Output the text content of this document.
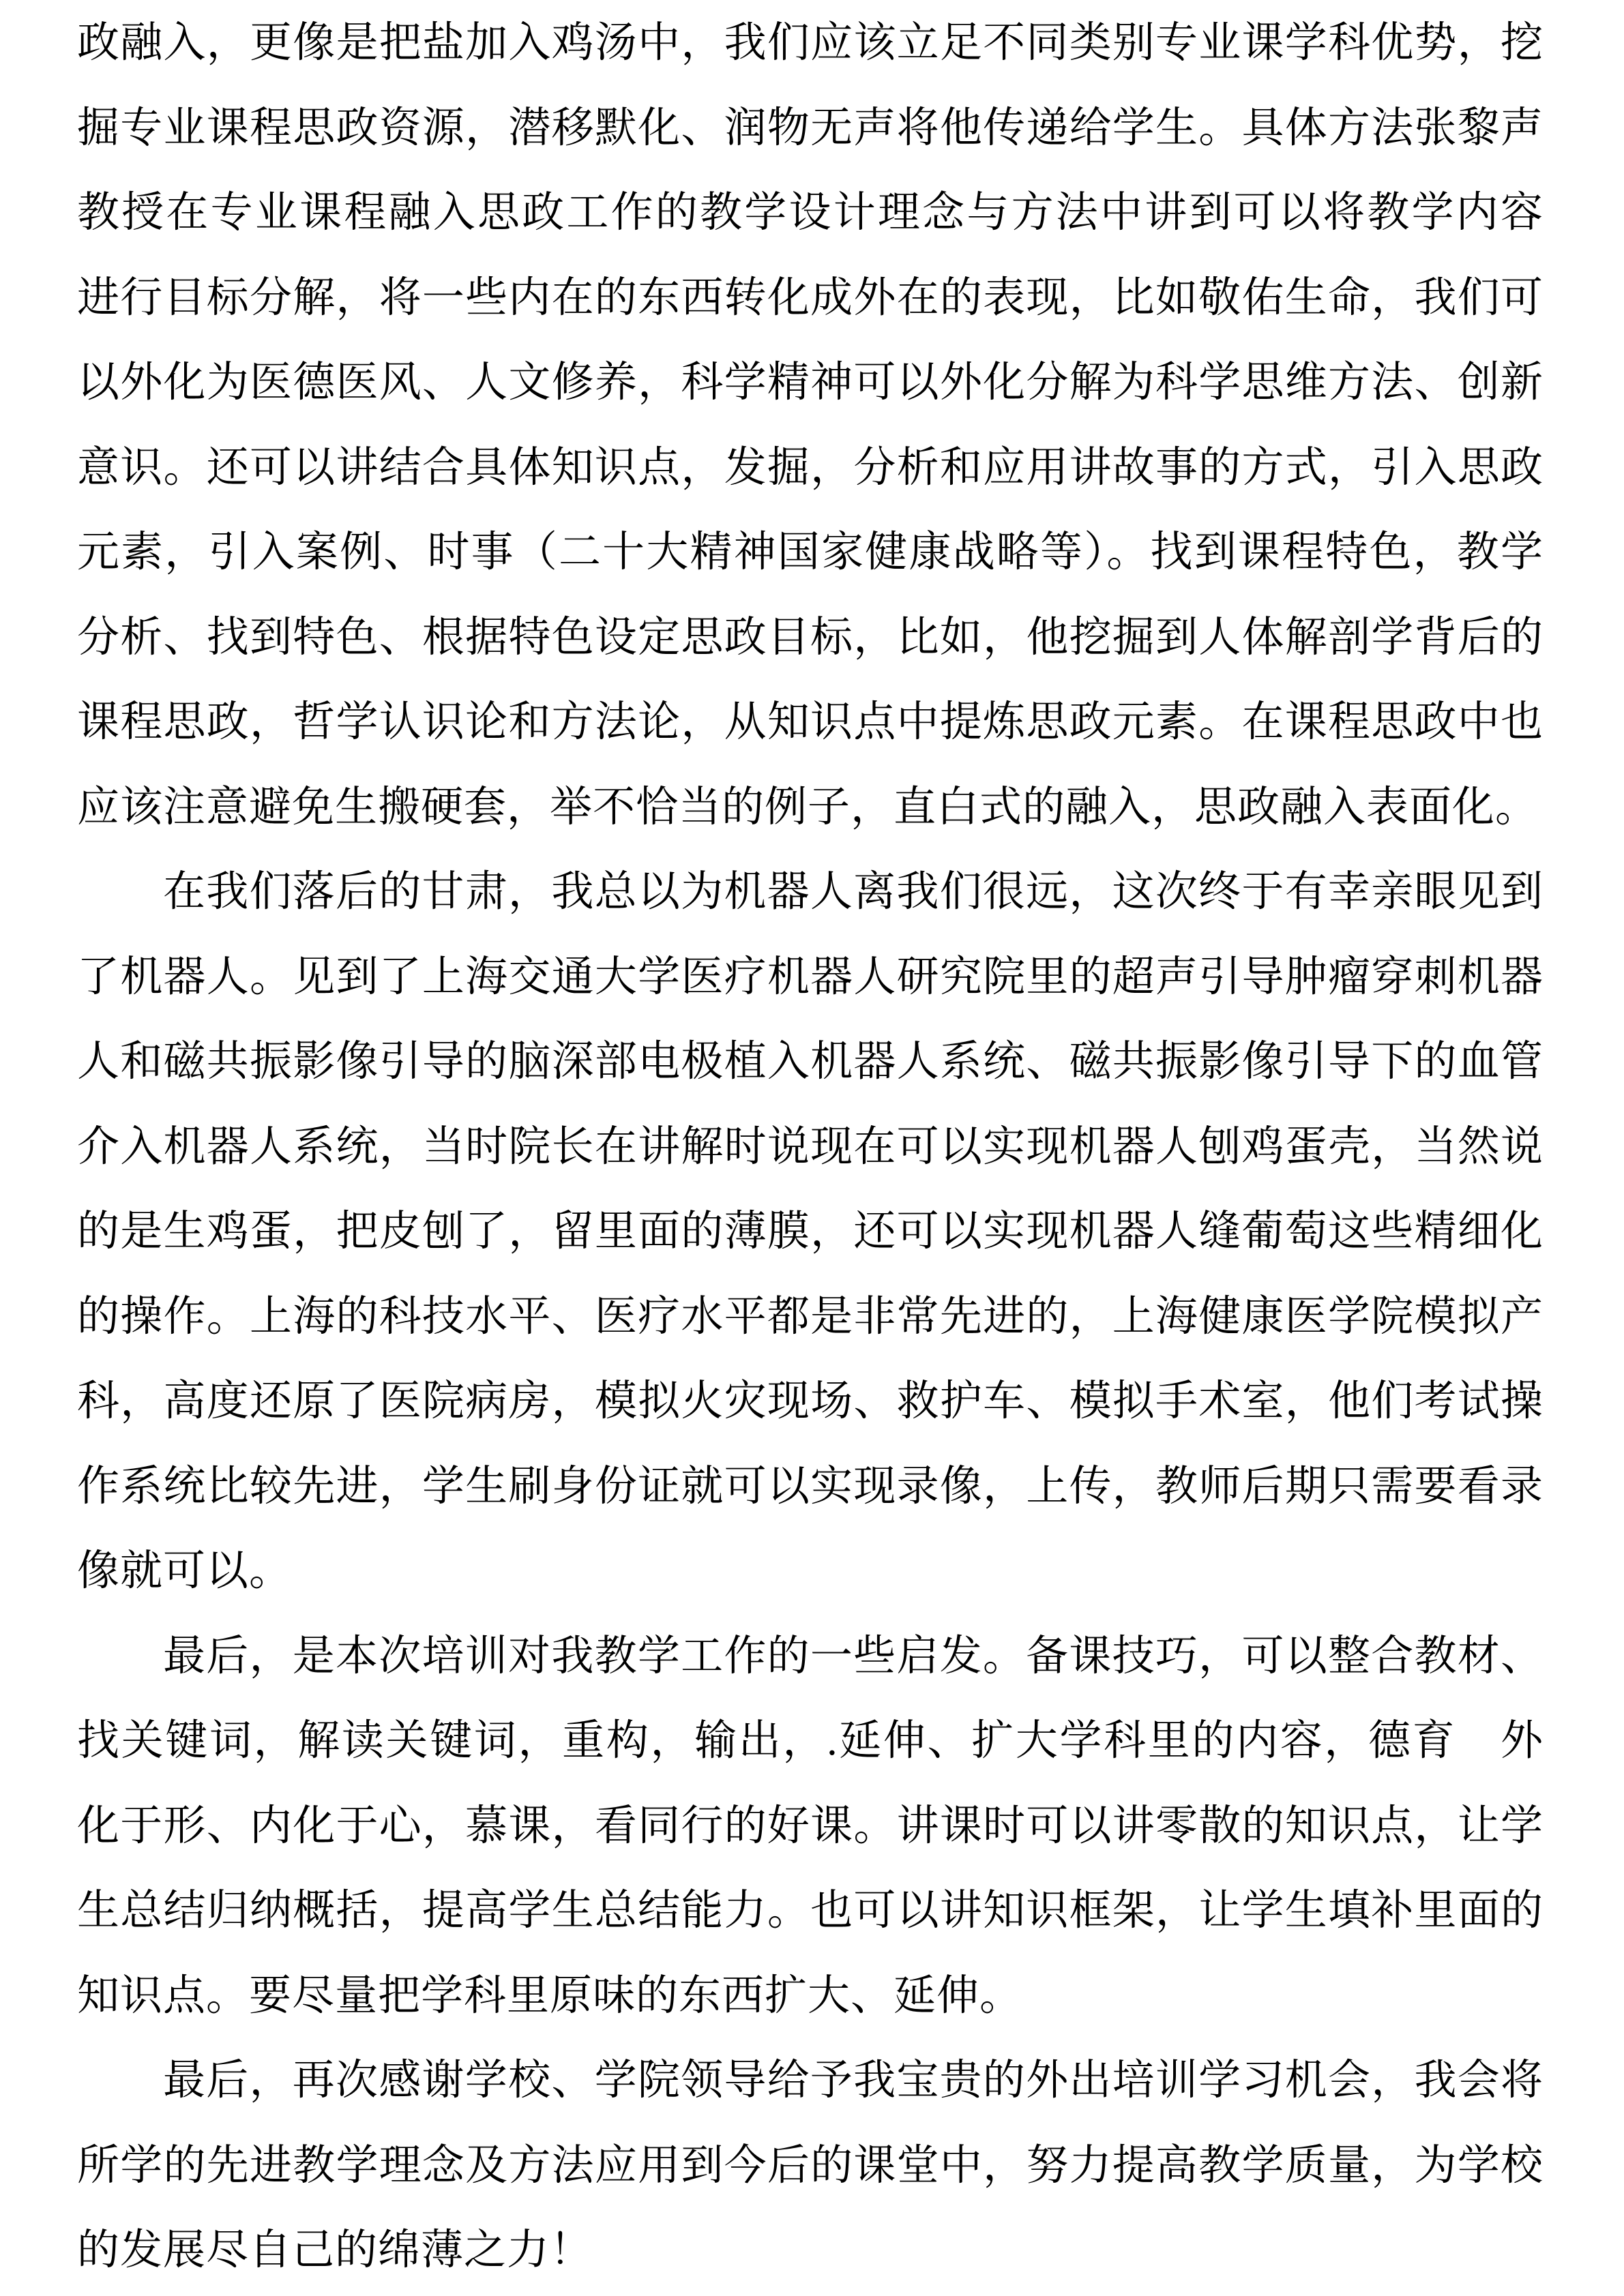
政融入，更像是把盐加入鸡汤中，我们应该立足不同类别专业课学科优势，挖
掘专业课程思政资源，潜移默化、润物无声将他传递给学生。具体方法张黎声
教授在专业课程融入思政工作的教学设计理念与方法中讲到可以将教学内容
进行目标分解，将一些内在的东西转化成外在的表现，比如敬佑生命，我们可
以外化为医德医风、人文修养，科学精神可以外化分解为科学思维方法、创新
意识。还可以讲结合具体知识点，发掘，分析和应用讲故事的方式，引入思政
元素，引入案例、时事（二十大精神国家健康战略等）。找到课程特色，教学
分析、找到特色、根据特色设定思政目标，比如，他挖掘到人体解剖学背后的
课程思政，哲学认识论和方法论，从知识点中提炼思政元素。在课程思政中也
应该注意避免生搬硬套，举不恰当的例子，直白式的融入，思政融入表面化。
在我们落后的甘肃，我总以为机器人离我们很远，这次终于有幸亲眼见到
了机器人。见到了上海交通大学医疗机器人研究院里的超声引导肿瘤穿刺机器
人和磁共振影像引导的脑深部电极植入机器人系统、磁共振影像引导下的血管
介入机器人系统，当时院长在讲解时说现在可以实现机器人刨鸡蛋壳，当然说
的是生鸡蛋，把皮刨了，留里面的薄膜，还可以实现机器人缝葡萄这些精细化
的操作。上海的科技水平、医疗水平都是非常先进的，上海健康医学院模拟产
科，高度还原了医院病房，模拟火灾现场、救护车、模拟手术室，他们考试操
作系统比较先进，学生刷身份证就可以实现录像，上传，教师后期只需要看录
像就可以。
最后，是本次培训对我教学工作的一些启发。备课技巧，可以整合教材、
找关键词，解读关键词，重构，输出，.延伸、扩大学科里的内容，德育　外
化于形、内化于心，慕课，看同行的好课。讲课时可以讲零散的知识点，让学
生总结归纳概括，提高学生总结能力。也可以讲知识框架，让学生填补里面的
知识点。要尽量把学科里原味的东西扩大、延伸。
最后，再次感谢学校、学院领导给予我宝贵的外出培训学习机会，我会将
所学的先进教学理念及方法应用到今后的课堂中，努力提高教学质量，为学校
的发展尽自己的绵薄之力！
